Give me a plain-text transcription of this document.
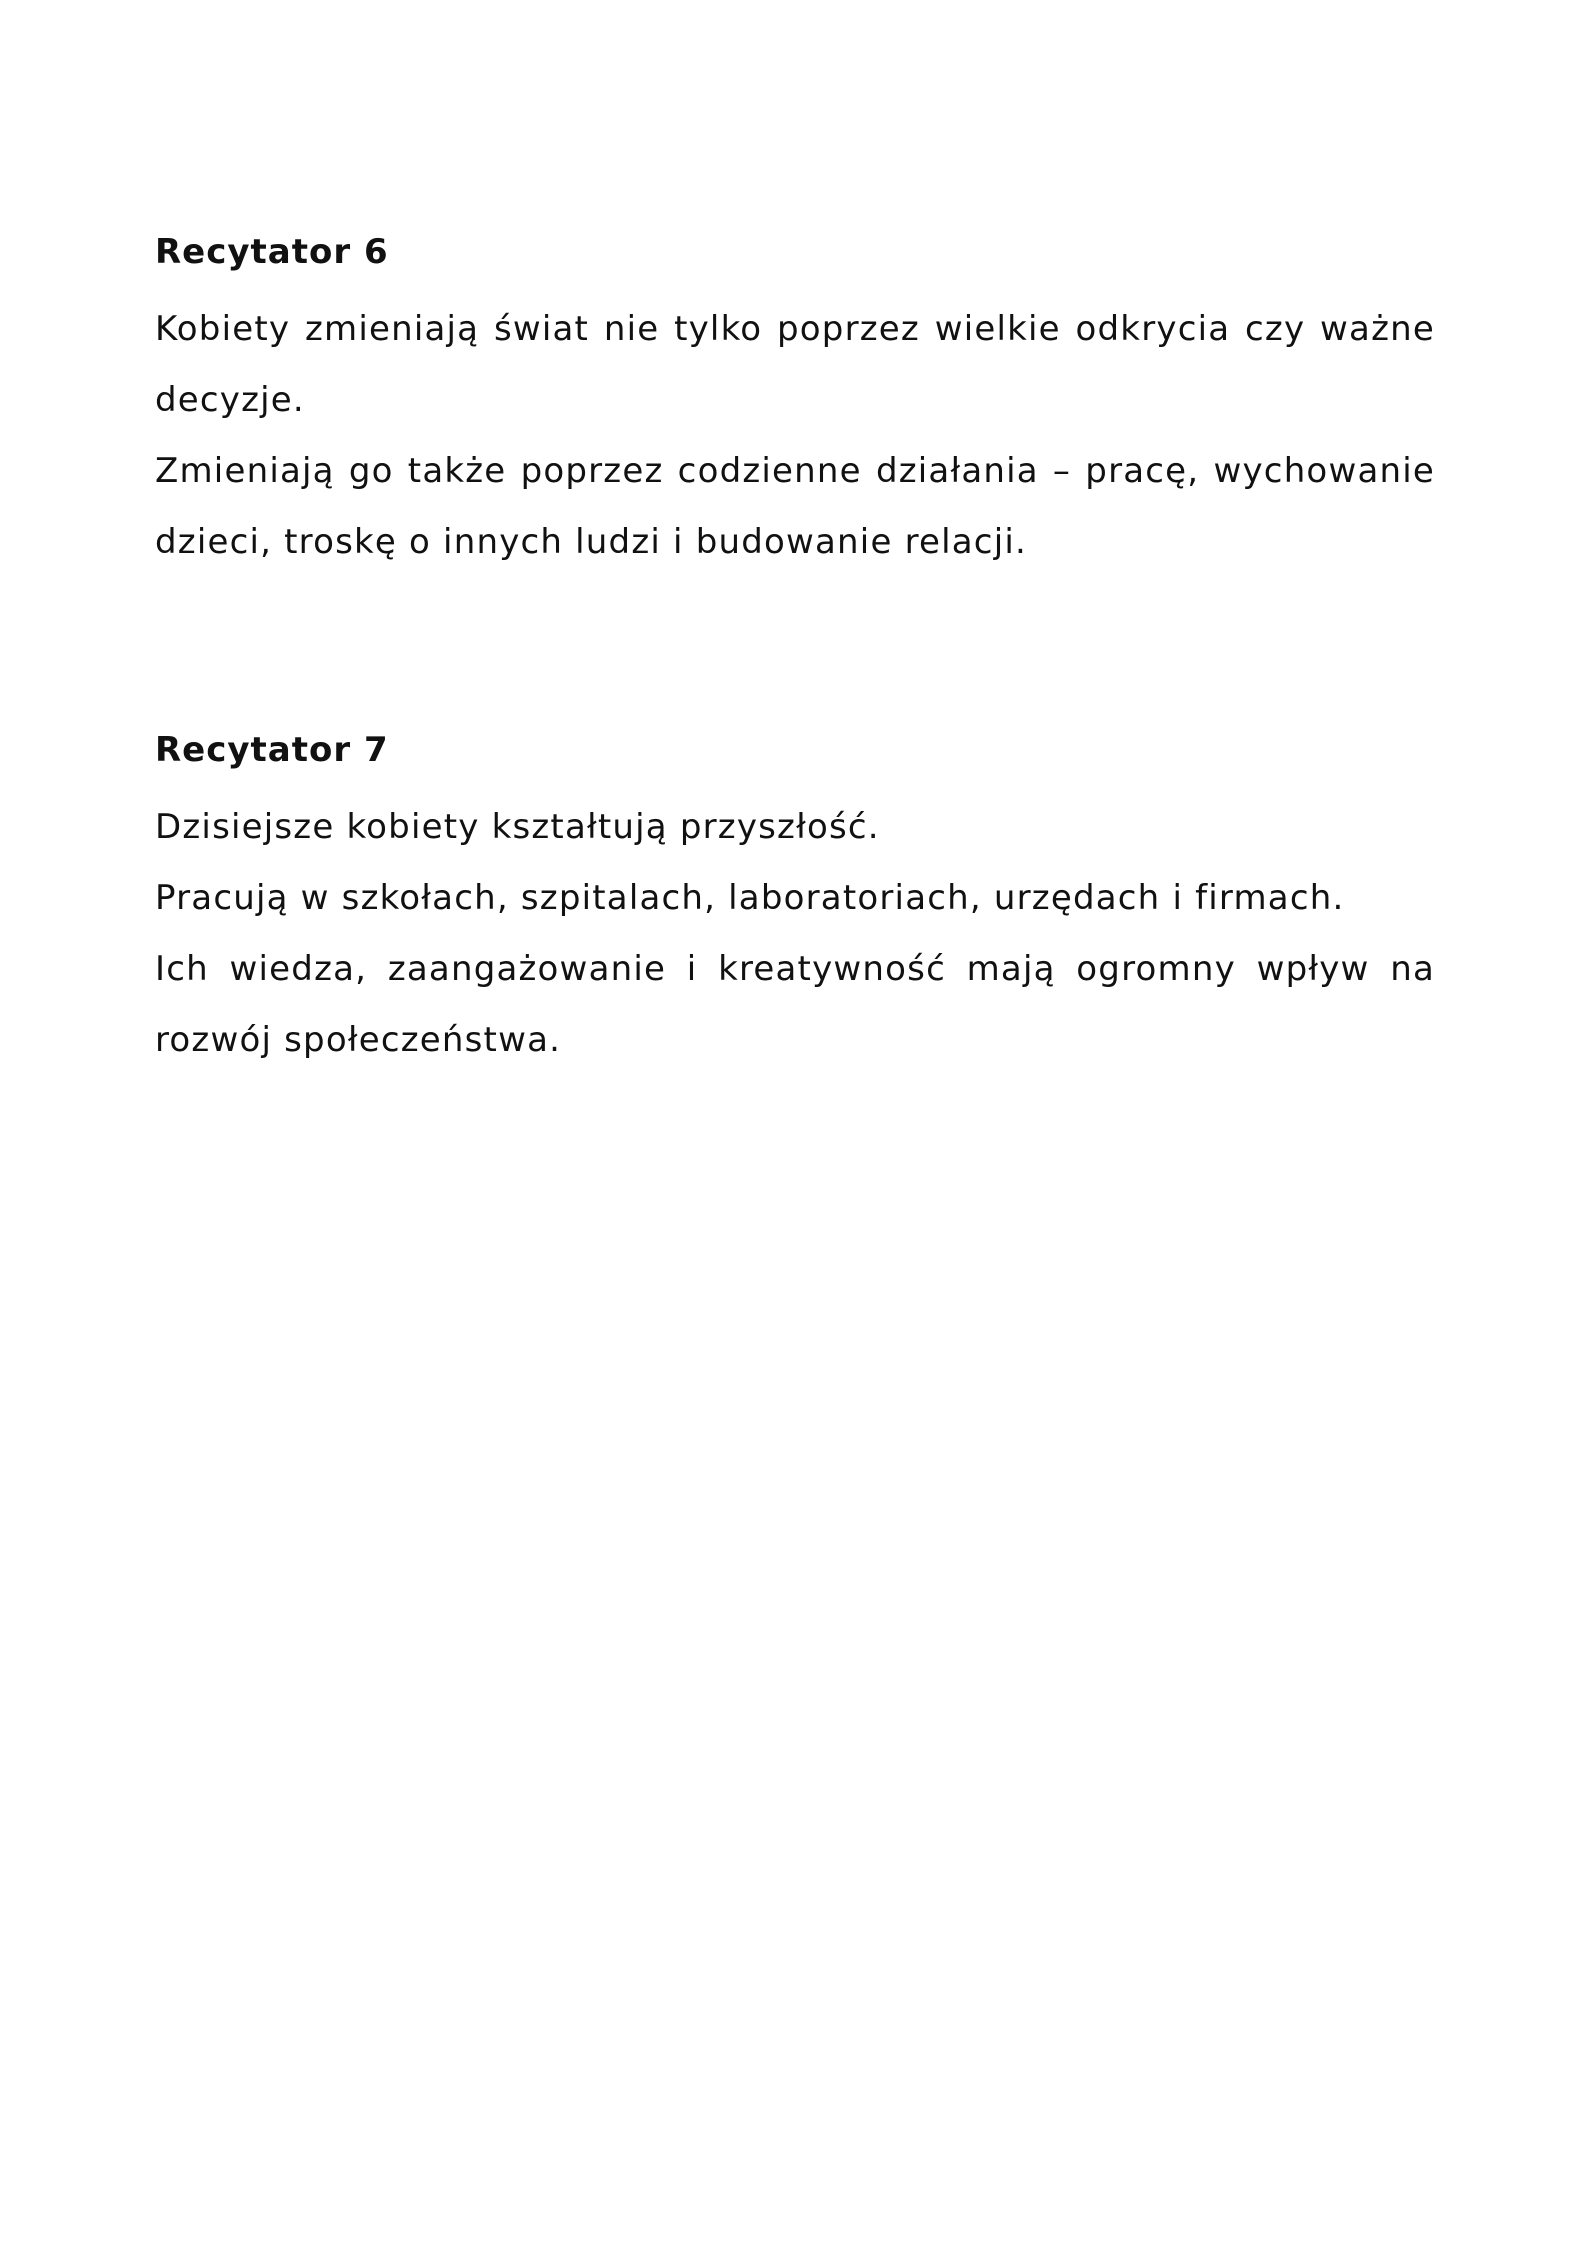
Recytator 6

Kobiety zmieniają świat nie tylko poprzez wielkie odkrycia czy ważne decyzje.

Zmieniają go także poprzez codzienne działania – pracę, wychowanie dzieci, troskę o innych ludzi i budowanie relacji.

Recytator 7

Dzisiejsze kobiety kształtują przyszłość.

Pracują w szkołach, szpitalach, laboratoriach, urzędach i firmach.

Ich wiedza, zaangażowanie i kreatywność mają ogromny wpływ na rozwój społeczeństwa.
